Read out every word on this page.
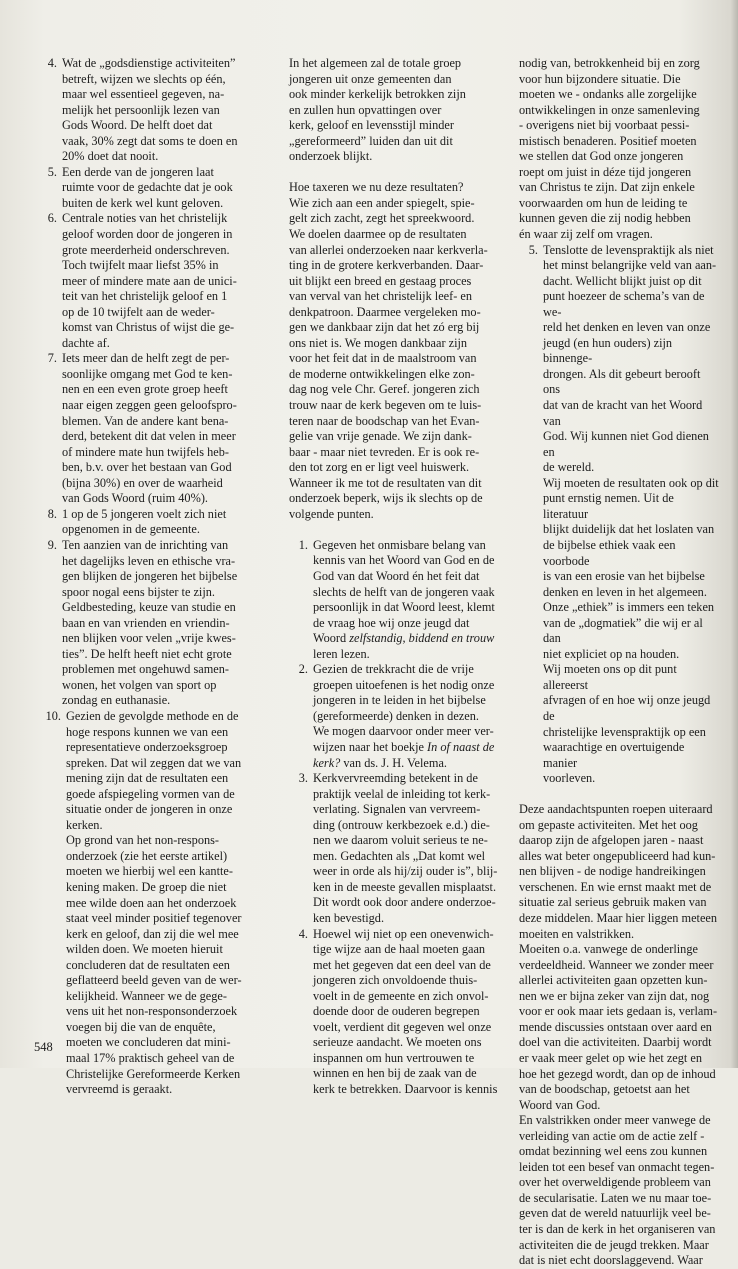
4. Wat de „godsdienstige activiteiten”
betreft, wijzen we slechts op één,
maar wel essentieel gegeven, na-
melijk het persoonlijk lezen van
Gods Woord. De helft doet dat
vaak, 30% zegt dat soms te doen en
20% doet dat nooit.

5. Een derde van de jongeren laat
ruimte voor de gedachte dat je ook
buiten de kerk wel kunt geloven.

6. Centrale noties van het christelijk
geloof worden door de jongeren in
grote meerderheid onderschreven.
Toch twijfelt maar liefst 35% in
meer of mindere mate aan de unici-
teit van het christelijk geloof en 1
op de 10 twijfelt aan de weder-
komst van Christus of wijst die ge-
dachte af.

7. Iets meer dan de helft zegt de per-
soonlijke omgang met God te ken-
nen en een even grote groep heeft
naar eigen zeggen geen geloofspro-
blemen. Van de andere kant bena-
derd, betekent dit dat velen in meer
of mindere mate hun twijfels heb-
ben, b.v. over het bestaan van God
(bijna 30%) en over de waarheid
van Gods Woord (ruim 40%).

8. 1 op de 5 jongeren voelt zich niet
opgenomen in de gemeente.

9. Ten aanzien van de inrichting van
het dagelijks leven en ethische vra-
gen blijken de jongeren het bijbelse
spoor nogal eens bijster te zijn.
Geldbesteding, keuze van studie en
baan en van vrienden en vriendin-
nen blijken voor velen „vrije kwes-
ties”. De helft heeft niet echt grote
problemen met ongehuwd samen-
wonen, het volgen van sport op
zondag en euthanasie.

10. Gezien de gevolgde methode en de
hoge respons kunnen we van een
representatieve onderzoeksgroep
spreken. Dat wil zeggen dat we van
mening zijn dat de resultaten een
goede afspiegeling vormen van de
situatie onder de jongeren in onze
kerken.
Op grond van het non-respons-
onderzoek (zie het eerste artikel)
moeten we hierbij wel een kantte-
kening maken. De groep die niet
mee wilde doen aan het onderzoek
staat veel minder positief tegenover
kerk en geloof, dan zij die wel mee
wilden doen. We moeten hieruit
concluderen dat de resultaten een
geflatteerd beeld geven van de wer-
kelijkheid. Wanneer we de gege-
vens uit het non-responsonderzoek
voegen bij die van de enquête,
moeten we concluderen dat mini-
maal 17% praktisch geheel van de
Christelijke Gereformeerde Kerken
vervreemd is geraakt.

In het algemeen zal de totale groep
jongeren uit onze gemeenten dan
ook minder kerkelijk betrokken zijn
en zullen hun opvattingen over
kerk, geloof en levensstijl minder
„gereformeerd” luiden dan uit dit
onderzoek blijkt.

Hoe taxeren we nu deze resultaten?
Wie zich aan een ander spiegelt, spie-
gelt zich zacht, zegt het spreekwoord.
We doelen daarmee op de resultaten
van allerlei onderzoeken naar kerkverla-
ting in de grotere kerkverbanden. Daar-
uit blijkt een breed en gestaag proces
van verval van het christelijk leef- en
denkpatroon. Daarmee vergeleken mo-
gen we dankbaar zijn dat het zó erg bij
ons niet is. We mogen dankbaar zijn
voor het feit dat in de maalstroom van
de moderne ontwikkelingen elke zon-
dag nog vele Chr. Geref. jongeren zich
trouw naar de kerk begeven om te luis-
teren naar de boodschap van het Evan-
gelie van vrije genade. We zijn dank-
baar - maar niet tevreden. Er is ook re-
den tot zorg en er ligt veel huiswerk.
Wanneer ik me tot de resultaten van dit
onderzoek beperk, wijs ik slechts op de
volgende punten.

1. Gegeven het onmisbare belang van
kennis van het Woord van God en de
God van dat Woord én het feit dat
slechts de helft van de jongeren vaak
persoonlijk in dat Woord leest, klemt
de vraag hoe wij onze jeugd dat
Woord zelfstandig, biddend en trouw
leren lezen.
2. Gezien de trekkracht die de vrije
groepen uitoefenen is het nodig onze
jongeren in te leiden in het bijbelse
(gereformeerde) denken in dezen.
We mogen daarvoor onder meer ver-
wijzen naar het boekje In of naast de
kerk? van ds. J. H. Velema.
3. Kerkvervreemding betekent in de
praktijk veelal de inleiding tot kerk-
verlating. Signalen van vervreem-
ding (ontrouw kerkbezoek e.d.) die-
nen we daarom voluit serieus te ne-
men. Gedachten als „Dat komt wel
weer in orde als hij/zij ouder is”, blij-
ken in de meeste gevallen misplaatst.
Dit wordt ook door andere onderzoe-
ken bevestigd.

4. Hoewel wij niet op een onevenwich-
tige wijze aan de haal moeten gaan
met het gegeven dat een deel van de
jongeren zich onvoldoende thuis-
voelt in de gemeente en zich onvol-
doende door de ouderen begrepen
voelt, verdient dit gegeven wel onze
serieuze aandacht. We moeten ons
inspannen om hun vertrouwen te
winnen en hen bij de zaak van de
kerk te betrekken. Daarvoor is kennis

nodig van, betrokkenheid bij en zorg
voor hun bijzondere situatie. Die
moeten we - ondanks alle zorgelijke
ontwikkelingen in onze samenleving
- overigens niet bij voorbaat pessi-
mistisch benaderen. Positief moeten
we stellen dat God onze jongeren
roept om juist in déze tijd jongeren
van Christus te zijn. Dat zijn enkele
voorwaarden om hun de leiding te
kunnen geven die zij nodig hebben
én waar zij zelf om vragen.

5. Tenslotte de levenspraktijk als niet
het minst belangrijke veld van aan-
dacht. Wellicht blijkt juist op dit
punt hoezeer de schema’s van de we-
reld het denken en leven van onze
jeugd (en hun ouders) zijn binnenge-
drongen. Als dit gebeurt berooft ons
dat van de kracht van het Woord van
God. Wij kunnen niet God dienen en
de wereld.
Wij moeten de resultaten ook op dit
punt ernstig nemen. Uit de literatuur
blijkt duidelijk dat het loslaten van
de bijbelse ethiek vaak een voorbode
is van een erosie van het bijbelse
denken en leven in het algemeen.
Onze „ethiek” is immers een teken
van de „dogmatiek” die wij er al dan
niet expliciet op na houden.
Wij moeten ons op dit punt allereerst
afvragen of en hoe wij onze jeugd de
christelijke levenspraktijk op een
waarachtige en overtuigende manier
voorleven.

Deze aandachtspunten roepen uiteraard
om gepaste activiteiten. Met het oog
daarop zijn de afgelopen jaren - naast
alles wat beter ongepubliceerd had kun-
nen blijven - de nodige handreikingen
verschenen. En wie ernst maakt met de
situatie zal serieus gebruik maken van
deze middelen. Maar hier liggen meteen
moeiten en valstrikken.
Moeiten o.a. vanwege de onderlinge
verdeeldheid. Wanneer we zonder meer
allerlei activiteiten gaan opzetten kun-
nen we er bijna zeker van zijn dat, nog
voor er ook maar iets gedaan is, verlam-
mende discussies ontstaan over aard en
doel van die activiteiten. Daarbij wordt
er vaak meer gelet op wie het zegt en
hoe het gezegd wordt, dan op de inhoud
van de boodschap, getoetst aan het
Woord van God.
En valstrikken onder meer vanwege de
verleiding van actie om de actie zelf -
omdat bezinning wel eens zou kunnen
leiden tot een besef van onmacht tegen-
over het overweldigende probleem van
de secularisatie. Laten we nu maar toe-
geven dat de wereld natuurlijk veel be-
ter is dan de kerk in het organiseren van
activiteiten die de jeugd trekken. Maar
dat is niet echt doorslaggevend. Waar

548
